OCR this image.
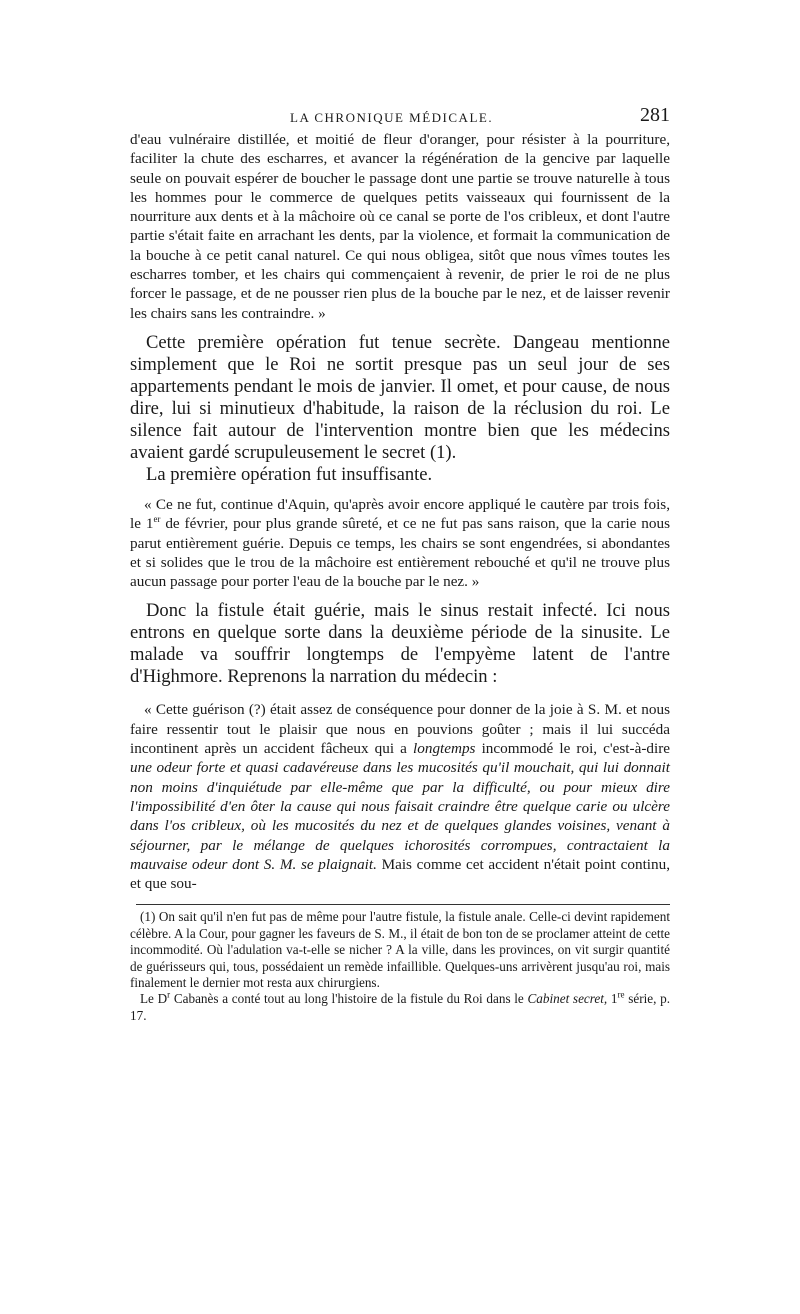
LA CHRONIQUE MÉDICALE.	281

d'eau vulnéraire distillée, et moitié de fleur d'oranger, pour résister à la pourriture, faciliter la chute des escharres, et avancer la régénération de la gencive par laquelle seule on pouvait espérer de boucher le passage dont une partie se trouve naturelle à tous les hommes pour le commerce de quelques petits vaisseaux qui fournissent de la nourriture aux dents et à la mâchoire où ce canal se porte de l'os cribleux, et dont l'autre partie s'était faite en arrachant les dents, par la violence, et formait la communication de la bouche à ce petit canal naturel. Ce qui nous obligea, sitôt que nous vîmes toutes les escharres tomber, et les chairs qui commençaient à revenir, de prier le roi de ne plus forcer le passage, et de ne pousser rien plus de la bouche par le nez, et de laisser revenir les chairs sans les contraindre. »

Cette première opération fut tenue secrète. Dangeau mentionne simplement que le Roi ne sortit presque pas un seul jour de ses appartements pendant le mois de janvier. Il omet, et pour cause, de nous dire, lui si minutieux d'habitude, la raison de la réclusion du roi. Le silence fait autour de l'intervention montre bien que les médecins avaient gardé scrupuleusement le secret (1).

La première opération fut insuffisante.

« Ce ne fut, continue d'Aquin, qu'après avoir encore appliqué le cautère par trois fois, le 1er de février, pour plus grande sûreté, et ce ne fut pas sans raison, que la carie nous parut entièrement guérie. Depuis ce temps, les chairs se sont engendrées, si abondantes et si solides que le trou de la mâchoire est entièrement rebouché et qu'il ne trouve plus aucun passage pour porter l'eau de la bouche par le nez. »

Donc la fistule était guérie, mais le sinus restait infecté. Ici nous entrons en quelque sorte dans la deuxième période de la sinusite. Le malade va souffrir longtemps de l'empyème latent de l'antre d'Highmore. Reprenons la narration du médecin :

« Cette guérison (?) était assez de conséquence pour donner de la joie à S. M. et nous faire ressentir tout le plaisir que nous en pouvions goûter ; mais il lui succéda incontinent après un accident fâcheux qui a longtemps incommodé le roi, c'est-à-dire une odeur forte et quasi cadavéreuse dans les mucosités qu'il mouchait, qui lui donnait non moins d'inquiétude par elle-même que par la difficulté, ou pour mieux dire l'impossibilité d'en ôter la cause qui nous faisait craindre être quelque carie ou ulcère dans l'os cribleux, où les mucosités du nez et de quelques glandes voisines, venant à séjourner, par le mélange de quelques ichorosités corrompues, contractaient la mauvaise odeur dont S. M. se plaignait. Mais comme cet accident n'était point continu, et que sou-

(1) On sait qu'il n'en fut pas de même pour l'autre fistule, la fistule anale. Celle-ci devint rapidement célèbre. A la Cour, pour gagner les faveurs de S. M., il était de bon ton de se proclamer atteint de cette incommodité. Où l'adulation va-t-elle se nicher ? A la ville, dans les provinces, on vit surgir quantité de guérisseurs qui, tous, possédaient un remède infaillible. Quelques-uns arrivèrent jusqu'au roi, mais finalement le dernier mot resta aux chirurgiens.

Le $D^r$ Cabanès a conté tout au long l'histoire de la fistule du Roi dans le Cabinet secret, 1re série, p. 17.
